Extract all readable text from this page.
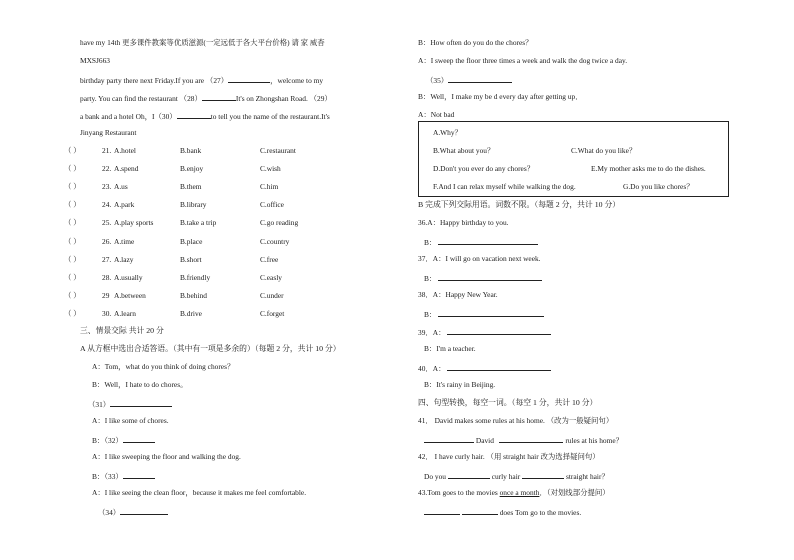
have my 14th 更多课件教案等优质滋源(一定远低于各大平台价格) 请 家 威杳
MXSJ663
birthday party there next Friday.If you are （27）	，welcome to my
party. You can find the restaurant （28）	It's on Zhongshan Road. （29）
a bank and a hotel Oh，I（30）	to tell you the name of the restaurant.It's
Jinyang Restaurant
（ ）	21. A.hotel	B.bank	C.restaurant
（ ）	22. A.spend	B.enjoy	C.wish
（ ）	23. A.us	B.them	C.him
（ ）	24. A.park	B.library	C.office
（ ）	25. A.play sports	B.take a trip	C.go reading
（ ）	26. A.time	B.place	C.country
（ ）	27. A.lazy	B.short	C.free
（ ）	28. A.usually	B.friendly	C.easly
（ ）	29 A.between	B.behind	C.under
（ ）	30. A.learn	B.drive	C.forget
三、情景交际 共计 20 分
A 从方框中选出合适答语。（其中有一项是多余的）（每题 2 分，共计 10 分）
A：Tom，what do you think of doing chores？
B：Well，I hate to do chores。
（31）
A：I like some of chores.
B：（32）
A：I like sweeping the floor and walking the dog.
B：（33）
A：I like seeing the clean floor，because it makes me feel comfortable.
（34）
B：How often do you do the chores？
A：I sweep the floor three times a week and walk the dog twice a day.
（35）
B：Well，I make my be d every day after getting up．
A：Not bad
A.Why？
B.What about you？	C.What do you like？
D.Don't you ever do any chores？	E.My mother asks me to do the dishes.
F.And I can relax myself while walking the dog.	G.Do you like chores？
B 完成下列交际用语。词数不限。（每题 2 分，共计 10 分）
36.A：Happy birthday to you.
B：
37．A：I will go on vacation next week.
B：
38．A：Happy New Year.
B：
39．A：
B：I'm a teacher.
40．A：
B：It's rainy in Beijing.
四、句型转换，每空一词。（每空 1 分，共计 10 分）
41． David makes some rules at his home. （改为一般疑问句）
David	rules at his home？
42． I have curly hair. （用 straight hair 改为选择疑问句）
Do you	curly hair	straight hair？
43.Tom goes to the movies once a month．（对划线部分提问）
does Tom go to the movies.
